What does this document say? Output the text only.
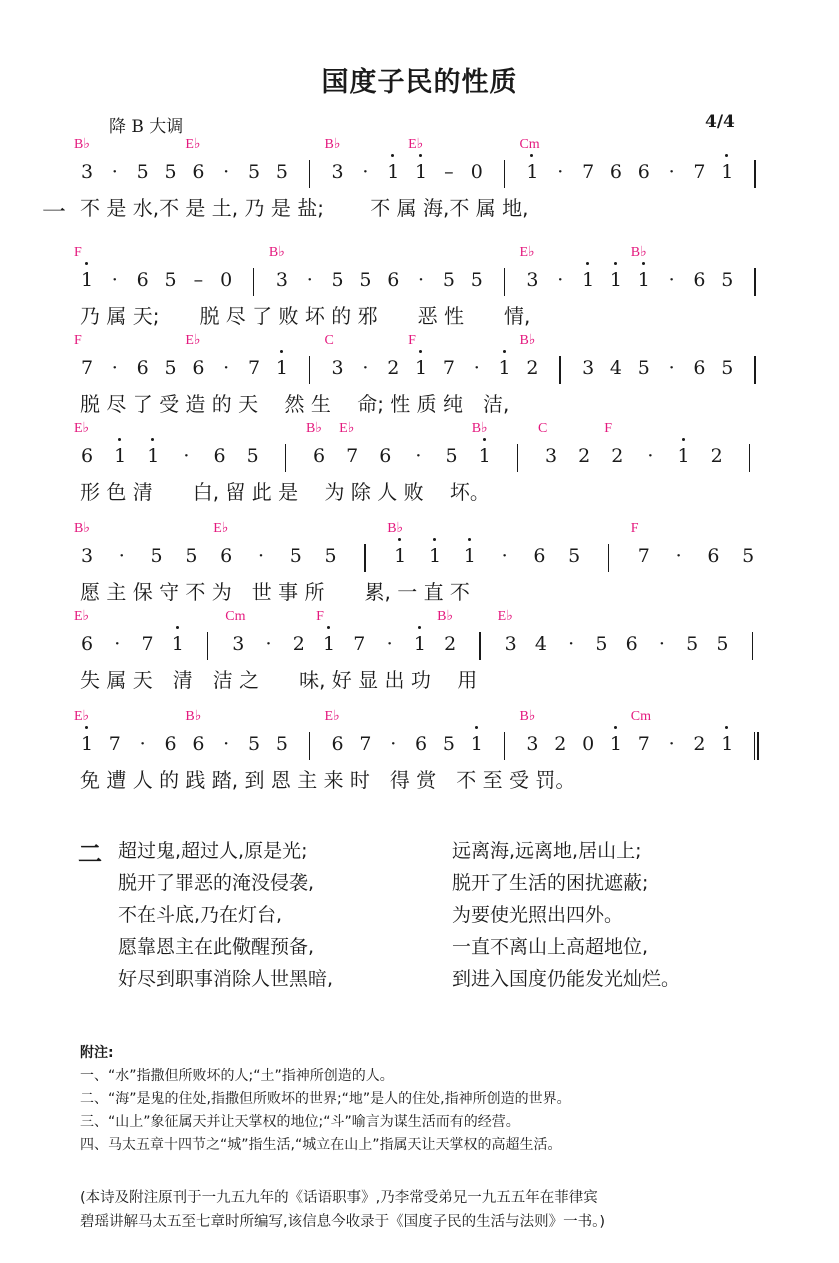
国度子民的性质
降 B 大调	4/4
一
3
B♭
· 5 5 6
E♭
· 5 5 3
B♭
· 1 1
E♭
– 0 1
Cm
· 7 6 6 · 7 1
不 是 水,不 是 土, 乃 是 盐;　　 不 属 海,不 属 地,
1
F
· 6 5 – 0 3
B♭
· 5 5 6 · 5 5 3
E♭
· 1 1 1
B♭
· 6 5
乃 属 天;　　脱 尽 了 败 坏 的 邪　　恶 性　　情,
7
F
· 6 5 6
E♭
· 7 1 3
C
· 2 1
F
7 · 1 2
B♭
3 4 5 · 6 5
脱 尽 了 受 造 的 天　 然 生　 命; 性 质 纯　洁,
6
E♭
1 1 · 6 5	6
B♭
7
E♭
6 · 5 1
B♭
3
C
2 2
F
· 1 2
形 色 清　　白, 留 此 是　 为 除 人 败　 坏。
3
B♭
· 5 5 6
E♭
· 5 5	1
B♭
1 1 · 6 5	7
F
· 6 5
愿 主 保 守 不 为　世 事 所　　累, 一 直 不
6
E♭
· 7 1	3
Cm
· 2 1
F
7 · 1 2
B♭
3
E♭
4 · 5 6 · 5 5
失 属 天　清　洁 之　　味, 好 显 出 功　 用
1
E♭
7 · 6 6
B♭
· 5 5 6
E♭
7 · 6 5 1 3
B♭
2 0 1 7
Cm
· 2 1
免 遭 人 的 践 踏, 到 恩 主 来 时　得 赏　不 至 受 罚。
二 超过鬼,超过人,原是光;	远离海,远离地,居山上;
脱开了罪恶的淹没侵袭,	脱开了生活的困扰遮蔽;
不在斗底,乃在灯台,	为要使光照出四外。
愿靠恩主在此儆醒预备,	一直不离山上高超地位,
好尽到职事消除人世黑暗,	到进入国度仍能发光灿烂。
附注:
一、“水”指撒但所败坏的人;“土”指神所创造的人。
二、“海”是鬼的住处,指撒但所败坏的世界;“地”是人的住处,指神所创造的世界。
三、“山上”象征属天并让天掌权的地位;“斗”喻言为谋生活而有的经营。
四、马太五章十四节之“城”指生活,“城立在山上”指属天让天掌权的高超生活。
(本诗及附注原刊于一九五九年的《话语职事》,乃李常受弟兄一九五五年在菲律宾
碧瑶讲解马太五至七章时所编写,该信息今收录于《国度子民的生活与法则》一书。)
